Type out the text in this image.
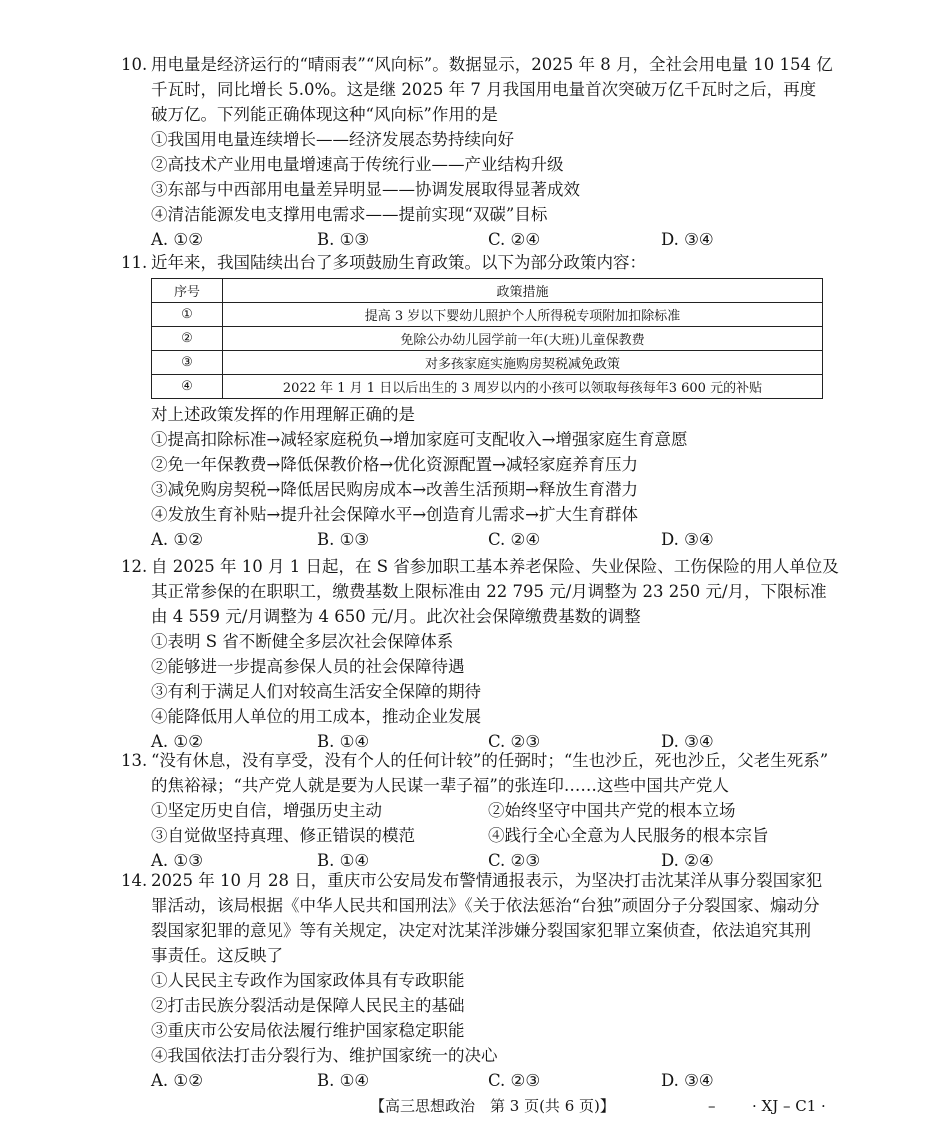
10. 用电量是经济运行的“晴雨表”“风向标”。数据显示，2025 年 8 月，全社会用电量 10 154 亿
千瓦时，同比增长 5.0%。这是继 2025 年 7 月我国用电量首次突破万亿千瓦时之后，再度
破万亿。下列能正确体现这种“风向标”作用的是
①我国用电量连续增长——经济发展态势持续向好
②高技术产业用电量增速高于传统行业——产业结构升级
③东部与中西部用电量差异明显——协调发展取得显著成效
④清洁能源发电支撑用电需求——提前实现“双碳”目标
A. ①②	B. ①③	C. ②④	D. ③④
11. 近年来，我国陆续出台了多项鼓励生育政策。以下为部分政策内容：
序号	政策措施
①	提高 3 岁以下婴幼儿照护个人所得税专项附加扣除标准
②	免除公办幼儿园学前一年(大班)儿童保教费
③	对多孩家庭实施购房契税减免政策
④	2022 年 1 月 1 日以后出生的 3 周岁以内的小孩可以领取每孩每年3 600 元的补贴
对上述政策发挥的作用理解正确的是
①提高扣除标准→减轻家庭税负→增加家庭可支配收入→增强家庭生育意愿
②免一年保教费→降低保教价格→优化资源配置→减轻家庭养育压力
③减免购房契税→降低居民购房成本→改善生活预期→释放生育潜力
④发放生育补贴→提升社会保障水平→创造育儿需求→扩大生育群体
A. ①②	B. ①③	C. ②④	D. ③④
12. 自 2025 年 10 月 1 日起，在 S 省参加职工基本养老保险、失业保险、工伤保险的用人单位及
其正常参保的在职职工，缴费基数上限标准由 22 795 元/月调整为 23 250 元/月，下限标准
由 4 559 元/月调整为 4 650 元/月。此次社会保障缴费基数的调整
①表明 S 省不断健全多层次社会保障体系
②能够进一步提高参保人员的社会保障待遇
③有利于满足人们对较高生活安全保障的期待
④能降低用人单位的用工成本，推动企业发展
A. ①②	B. ①④	C. ②③	D. ③④
13. “没有休息，没有享受，没有个人的任何计较”的任弼时；“生也沙丘，死也沙丘，父老生死系”
的焦裕禄；“共产党人就是要为人民谋一辈子福”的张连印……这些中国共产党人
①坚定历史自信，增强历史主动	②始终坚守中国共产党的根本立场
③自觉做坚持真理、修正错误的模范	④践行全心全意为人民服务的根本宗旨
A. ①③	B. ①④	C. ②③	D. ②④
14. 2025 年 10 月 28 日，重庆市公安局发布警情通报表示，为坚决打击沈某洋从事分裂国家犯
罪活动，该局根据《中华人民共和国刑法》《关于依法惩治“台独”顽固分子分裂国家、煽动分
裂国家犯罪的意见》等有关规定，决定对沈某洋涉嫌分裂国家犯罪立案侦查，依法追究其刑
事责任。这反映了
①人民民主专政作为国家政体具有专政职能
②打击民族分裂活动是保障人民民主的基础
③重庆市公安局依法履行维护国家稳定职能
④我国依法打击分裂行为、维护国家统一的决心
A. ①②	B. ①④	C. ②③	D. ③④
【高三思想政治　第 3 页(共 6 页)】	– · XJ – C1 ·
